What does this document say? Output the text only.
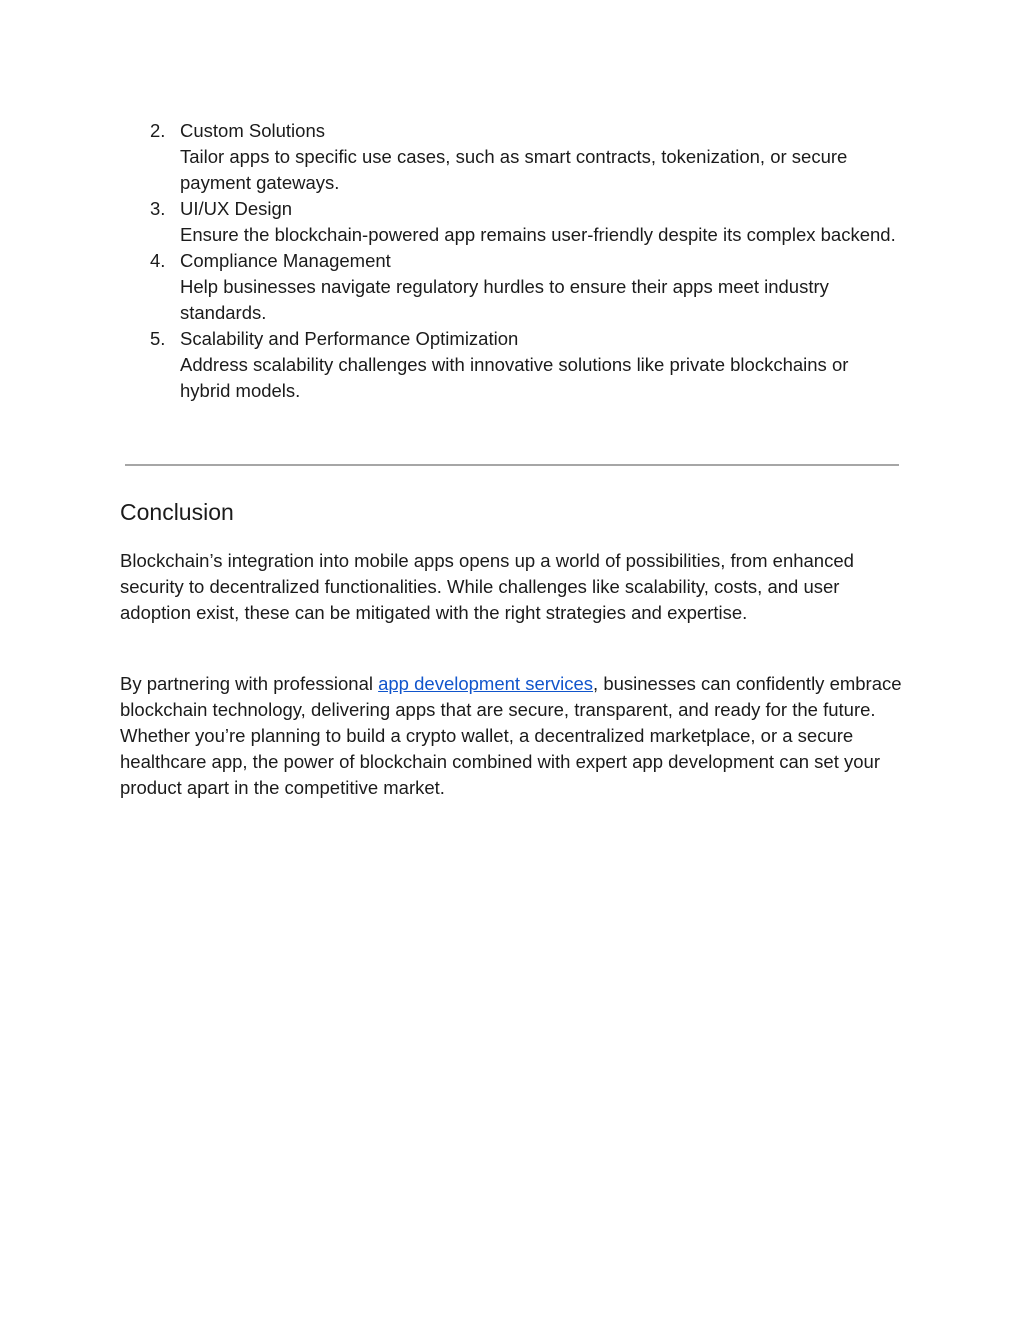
2. Custom Solutions
Tailor apps to specific use cases, such as smart contracts, tokenization, or secure payment gateways.
3. UI/UX Design
Ensure the blockchain-powered app remains user-friendly despite its complex backend.
4. Compliance Management
Help businesses navigate regulatory hurdles to ensure their apps meet industry standards.
5. Scalability and Performance Optimization
Address scalability challenges with innovative solutions like private blockchains or hybrid models.
Conclusion

Blockchain’s integration into mobile apps opens up a world of possibilities, from enhanced security to decentralized functionalities. While challenges like scalability, costs, and user adoption exist, these can be mitigated with the right strategies and expertise.

By partnering with professional app development services, businesses can confidently embrace blockchain technology, delivering apps that are secure, transparent, and ready for the future. Whether you’re planning to build a crypto wallet, a decentralized marketplace, or a secure healthcare app, the power of blockchain combined with expert app development can set your product apart in the competitive market.
